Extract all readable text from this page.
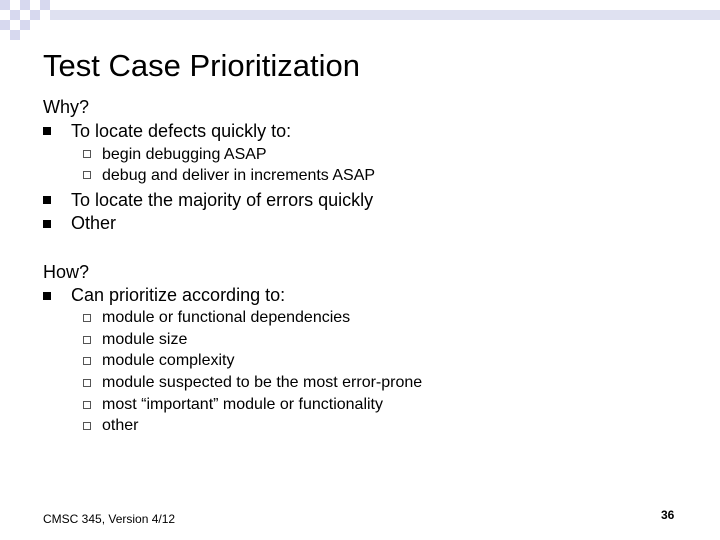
Test Case Prioritization
Why?
To locate defects quickly to:
begin debugging ASAP
debug and deliver in increments ASAP
To locate the majority of errors quickly
Other
How?
Can prioritize according to:
module or functional dependencies
module size
module complexity
module suspected to be the most error-prone
most “important” module or functionality
other
CMSC 345, Version 4/12	36
